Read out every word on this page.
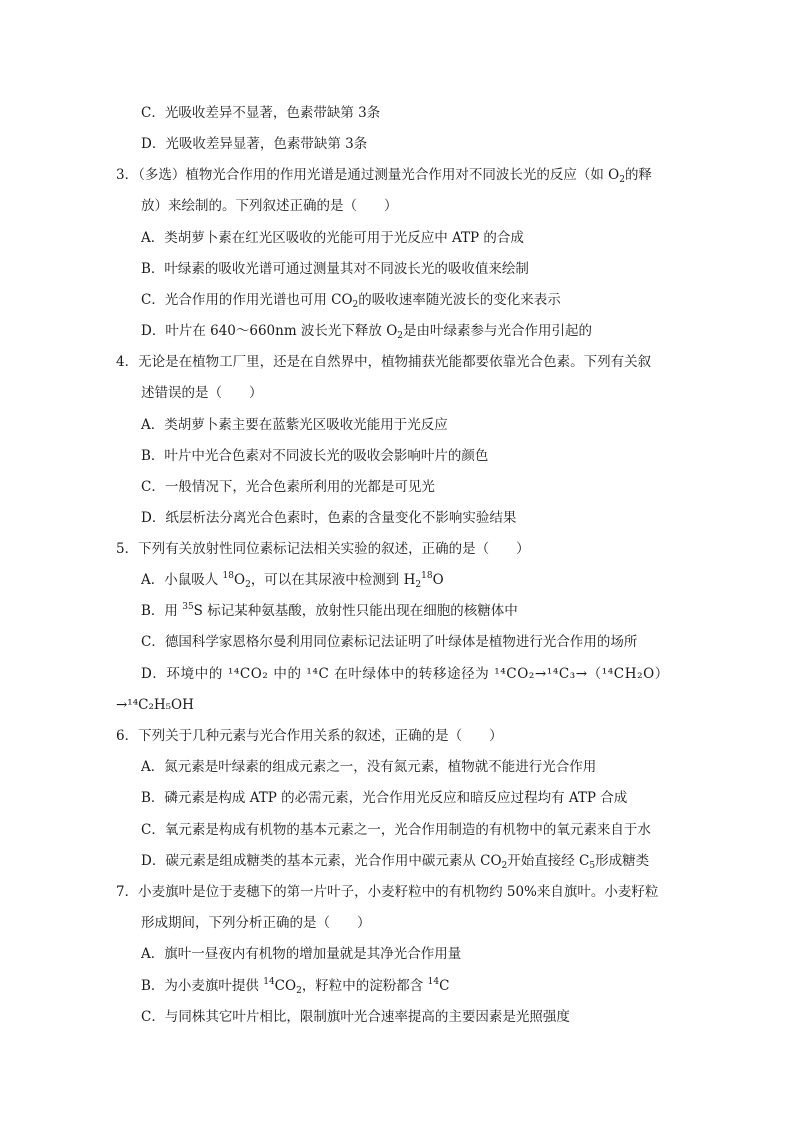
C．光吸收差异不显著，色素带缺第 3条
D．光吸收差异显著，色素带缺第 3条
3．（多选）植物光合作用的作用光谱是通过测量光合作用对不同波长光的反应（如 $O_2$的释
放）来绘制的。下列叙述正确的是（　　）
A．类胡萝卜素在红光区吸收的光能可用于光反应中 ATP 的合成
B．叶绿素的吸收光谱可通过测量其对不同波长光的吸收值来绘制
C．光合作用的作用光谱也可用 $CO_2$的吸收速率随光波长的变化来表示
D．叶片在 640～660nm 波长光下释放 $O_2$是由叶绿素参与光合作用引起的
4．无论是在植物工厂里，还是在自然界中，植物捕获光能都要依靠光合色素。下列有关叙
述错误的是（　　）
A．类胡萝卜素主要在蓝紫光区吸收光能用于光反应
B．叶片中光合色素对不同波长光的吸收会影响叶片的颜色
C．一般情况下，光合色素所利用的光都是可见光
D．纸层析法分离光合色素时，色素的含量变化不影响实验结果
5．下列有关放射性同位素标记法相关实验的叙述，正确的是（　　）
A．小鼠吸人 $^{18}O_2$，可以在其尿液中检测到 $H_2^{18}O$
B．用 $^{35}$S 标记某种氨基酸，放射性只能出现在细胞的核糖体中
C．德国科学家恩格尔曼利用同位素标记法证明了叶绿体是植物进行光合作用的场所
D．环境中的 ¹⁴CO₂ 中的 ¹⁴C 在叶绿体中的转移途径为 ¹⁴CO₂→¹⁴C₃→（¹⁴CH₂O）
→¹⁴C₂H₅OH
6．下列关于几种元素与光合作用关系的叙述，正确的是（　　）
A．氮元素是叶绿素的组成元素之一，没有氮元素，植物就不能进行光合作用
B．磷元素是构成 ATP 的必需元素，光合作用光反应和暗反应过程均有 ATP 合成
C．氧元素是构成有机物的基本元素之一，光合作用制造的有机物中的氧元素来自于水
D．碳元素是组成糖类的基本元素，光合作用中碳元素从 $CO_2$开始直接经 $C_5$形成糖类
7．小麦旗叶是位于麦穗下的第一片叶子，小麦籽粒中的有机物约 50%来自旗叶。小麦籽粒
形成期间，下列分析正确的是（　　）
A．旗叶一昼夜内有机物的增加量就是其净光合作用量
B．为小麦旗叶提供 $^{14}CO_2$，籽粒中的淀粉都含 $^{14}$C
C．与同株其它叶片相比，限制旗叶光合速率提高的主要因素是光照强度
